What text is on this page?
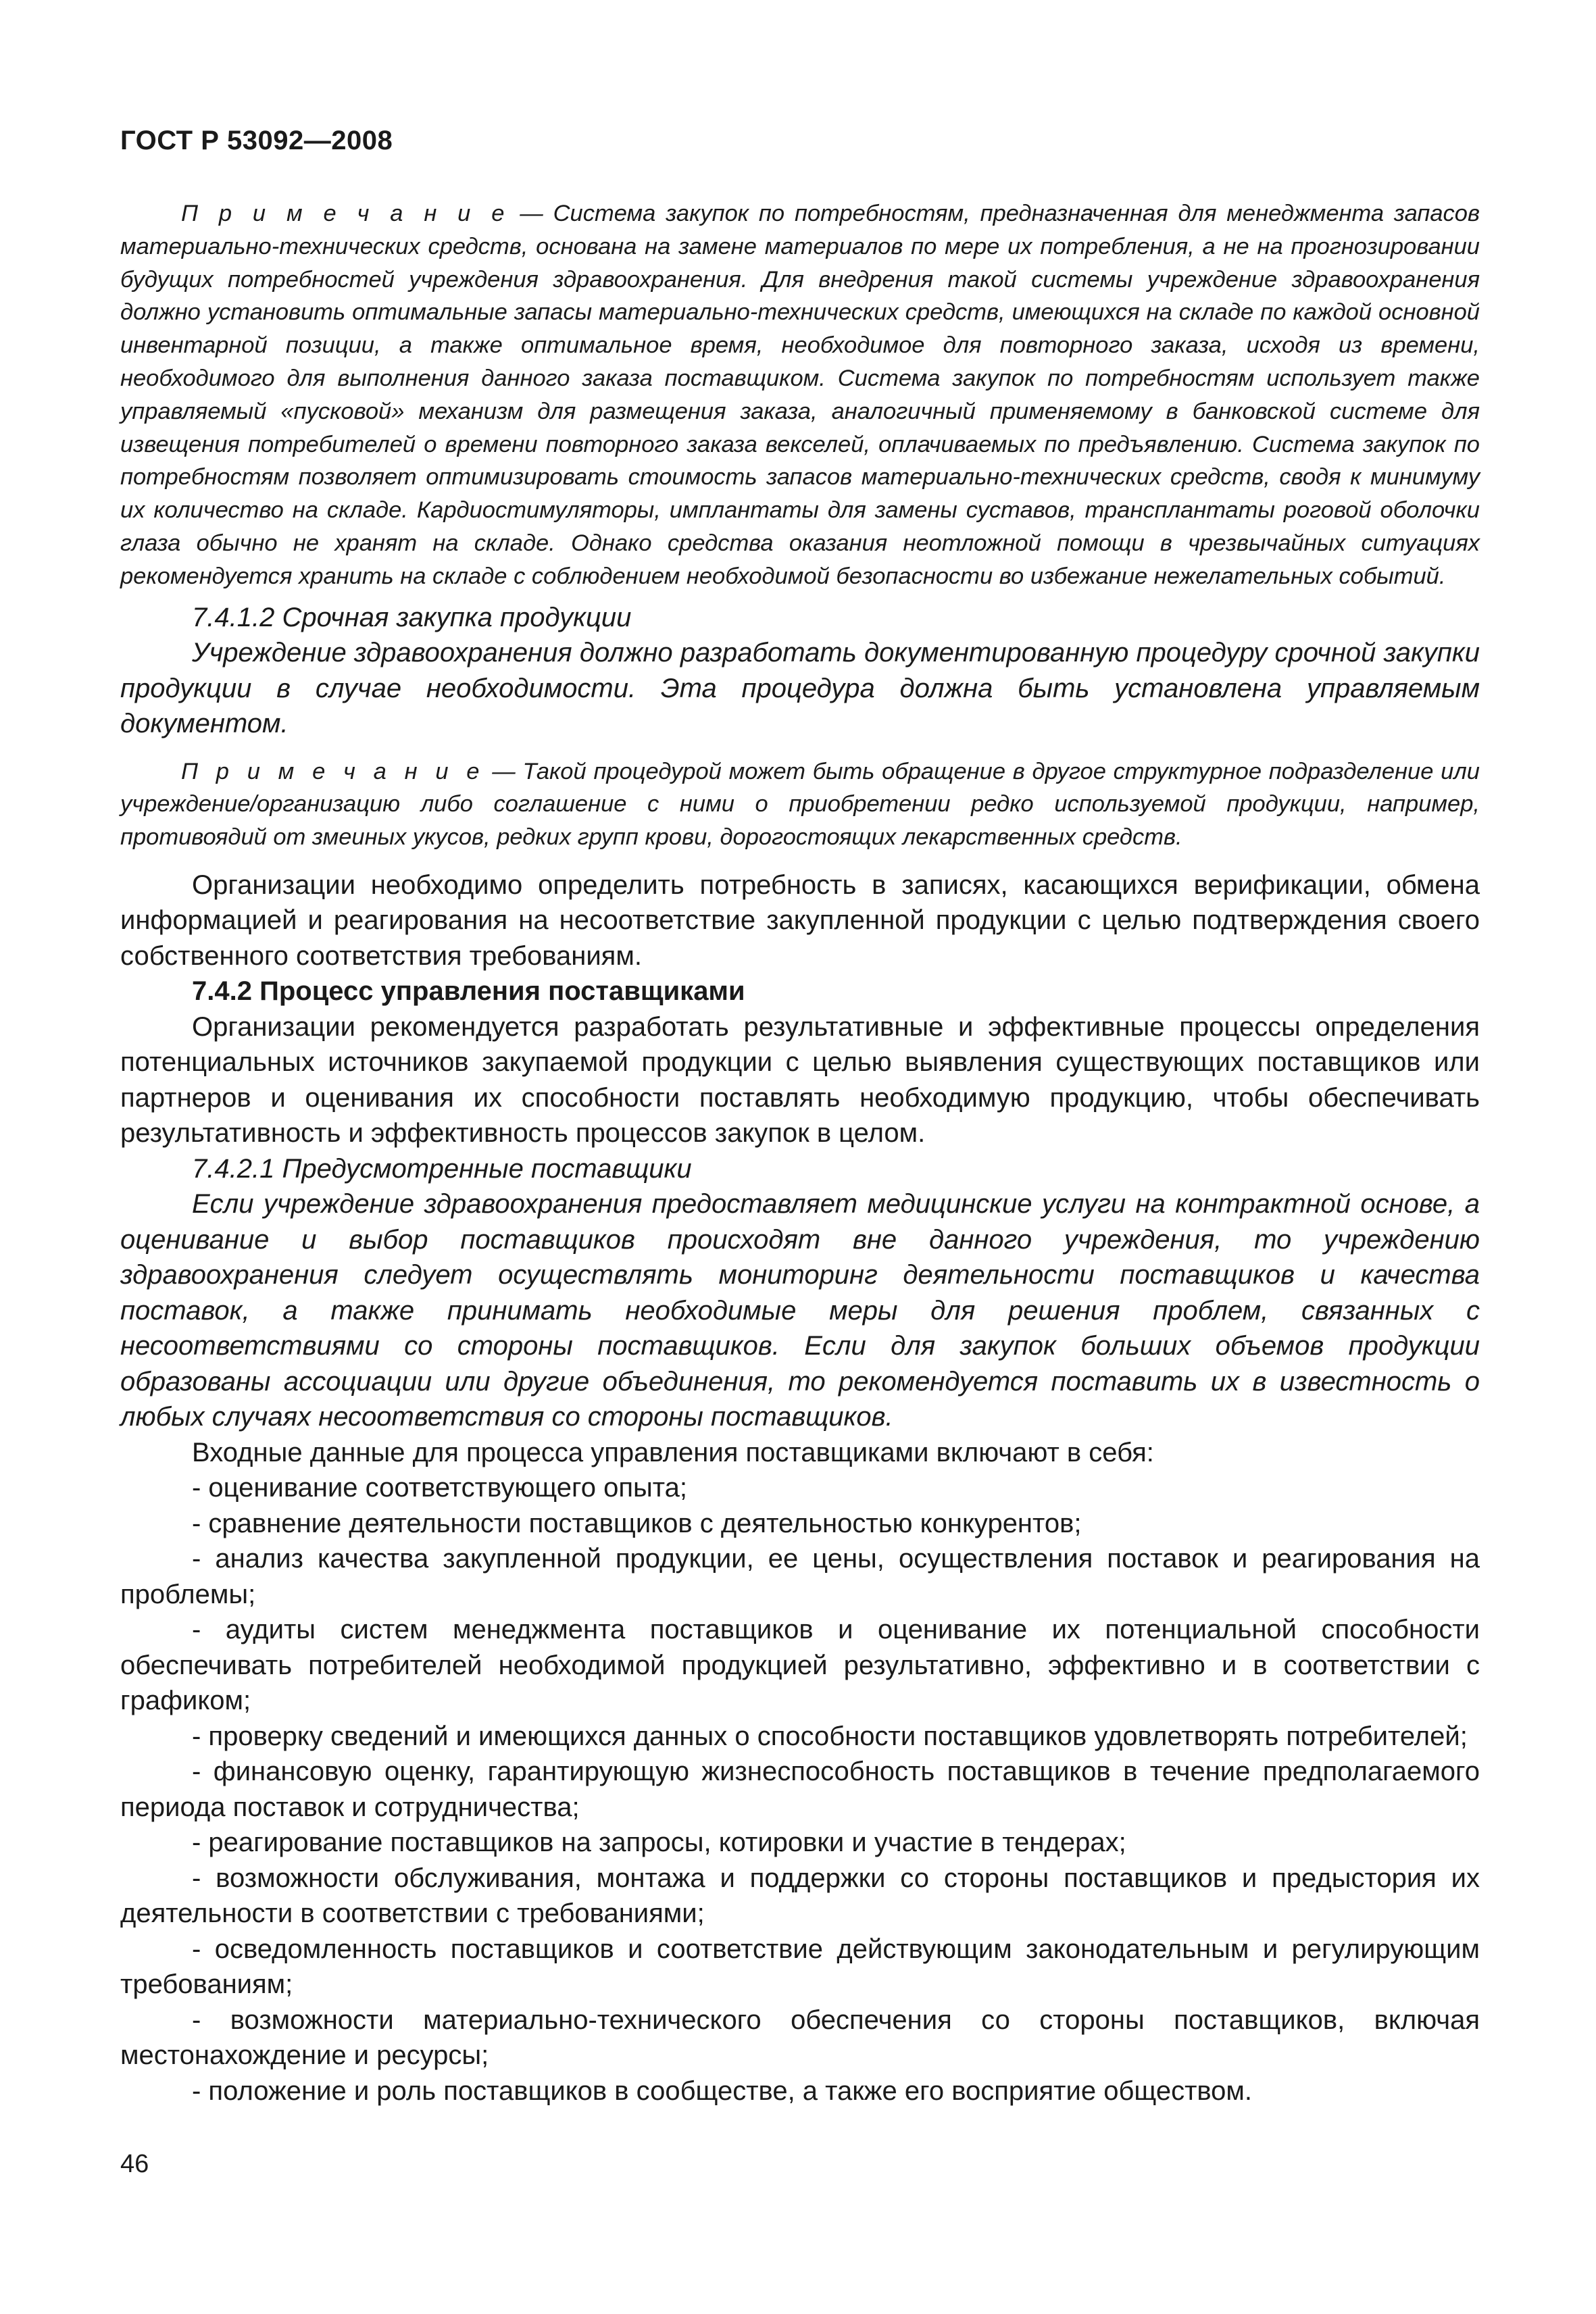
ГОСТ Р 53092—2008

П р и м е ч а н и е — Система закупок по потребностям, предназначенная для менеджмента запасов материально-технических средств, основана на замене материалов по мере их потребления, а не на прогнозировании будущих потребностей учреждения здравоохранения. Для внедрения такой системы учреждение здравоохранения должно установить оптимальные запасы материально-технических средств, имеющихся на складе по каждой основной инвентарной позиции, а также оптимальное время, необходимое для повторного заказа, исходя из времени, необходимого для выполнения данного заказа поставщиком. Система закупок по потребностям использует также управляемый «пусковой» механизм для размещения заказа, аналогичный применяемому в банковской системе для извещения потребителей о времени повторного заказа векселей, оплачиваемых по предъявлению. Система закупок по потребностям позволяет оптимизировать стоимость запасов материально-технических средств, сводя к минимуму их количество на складе. Кардиостимуляторы, имплантаты для замены суставов, трансплантаты роговой оболочки глаза обычно не хранят на складе. Однако средства оказания неотложной помощи в чрезвычайных ситуациях рекомендуется хранить на складе с соблюдением необходимой безопасности во избежание нежелательных событий.

7.4.1.2 Срочная закупка продукции

Учреждение здравоохранения должно разработать документированную процедуру срочной закупки продукции в случае необходимости. Эта процедура должна быть установлена управляемым документом.

П р и м е ч а н и е — Такой процедурой может быть обращение в другое структурное подразделение или учреждение/организацию либо соглашение с ними о приобретении редко используемой продукции, например, противоядий от змеиных укусов, редких групп крови, дорогостоящих лекарственных средств.

Организации необходимо определить потребность в записях, касающихся верификации, обмена информацией и реагирования на несоответствие закупленной продукции с целью подтверждения своего собственного соответствия требованиям.

7.4.2 Процесс управления поставщиками

Организации рекомендуется разработать результативные и эффективные процессы определения потенциальных источников закупаемой продукции с целью выявления существующих поставщиков или партнеров и оценивания их способности поставлять необходимую продукцию, чтобы обеспечивать результативность и эффективность процессов закупок в целом.

7.4.2.1 Предусмотренные поставщики

Если учреждение здравоохранения предоставляет медицинские услуги на контрактной основе, а оценивание и выбор поставщиков происходят вне данного учреждения, то учреждению здравоохранения следует осуществлять мониторинг деятельности поставщиков и качества поставок, а также принимать необходимые меры для решения проблем, связанных с несоответствиями со стороны поставщиков. Если для закупок больших объемов продукции образованы ассоциации или другие объединения, то рекомендуется поставить их в известность о любых случаях несоответствия со стороны поставщиков.

Входные данные для процесса управления поставщиками включают в себя:

- оценивание соответствующего опыта;

- сравнение деятельности поставщиков с деятельностью конкурентов;

- анализ качества закупленной продукции, ее цены, осуществления поставок и реагирования на проблемы;

- аудиты систем менеджмента поставщиков и оценивание их потенциальной способности обеспечивать потребителей необходимой продукцией результативно, эффективно и в соответствии с графиком;

- проверку сведений и имеющихся данных о способности поставщиков удовлетворять потребителей;

- финансовую оценку, гарантирующую жизнеспособность поставщиков в течение предполагаемого периода поставок и сотрудничества;

- реагирование поставщиков на запросы, котировки и участие в тендерах;

- возможности обслуживания, монтажа и поддержки со стороны поставщиков и предыстория их деятельности в соответствии с требованиями;

- осведомленность поставщиков и соответствие действующим законодательным и регулирующим требованиям;

- возможности материально-технического обеспечения со стороны поставщиков, включая местонахождение и ресурсы;

- положение и роль поставщиков в сообществе, а также его восприятие обществом.

46
